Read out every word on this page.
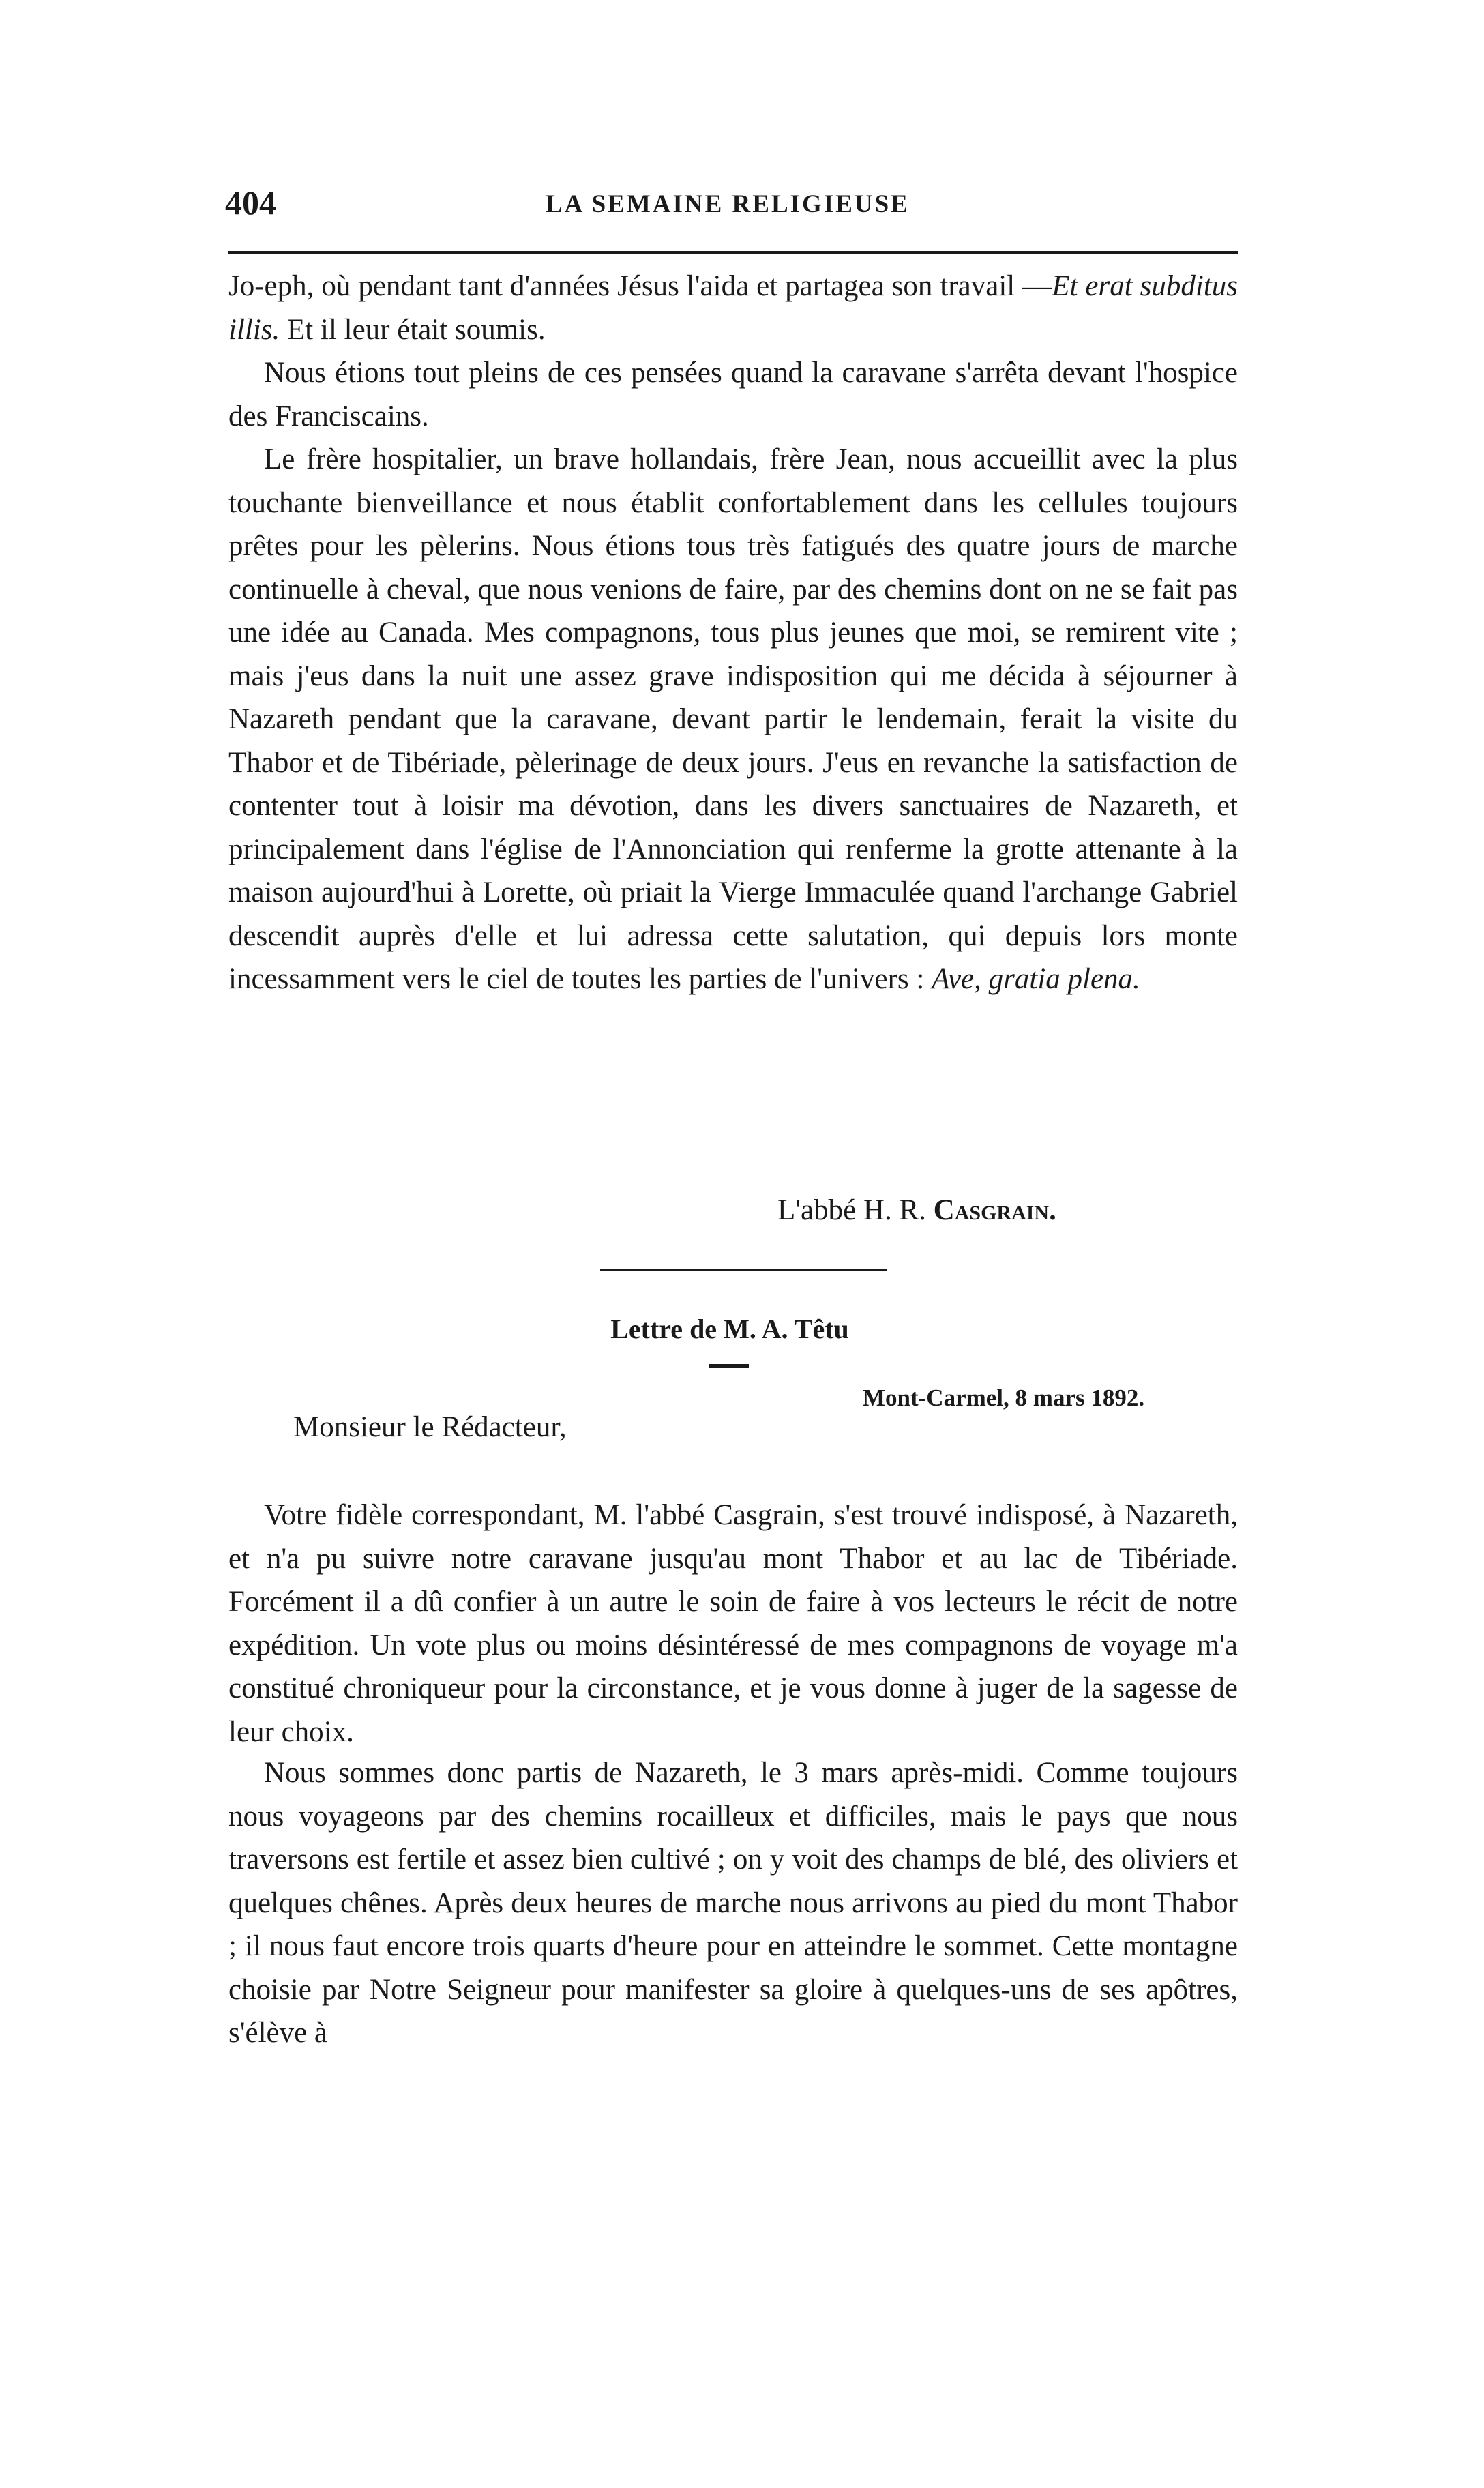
404	LA SEMAINE RELIGIEUSE

Jo-eph, où pendant tant d'années Jésus l'aida et partagea son travail —Et erat subditus illis. Et il leur était soumis.

Nous étions tout pleins de ces pensées quand la caravane s'arrêta devant l'hospice des Franciscains.

Le frère hospitalier, un brave hollandais, frère Jean, nous accueillit avec la plus touchante bienveillance et nous établit confortablement dans les cellules toujours prêtes pour les pèlerins. Nous étions tous très fatigués des quatre jours de marche continuelle à cheval, que nous venions de faire, par des chemins dont on ne se fait pas une idée au Canada. Mes compagnons, tous plus jeunes que moi, se remirent vite ; mais j'eus dans la nuit une assez grave indisposition qui me décida à séjourner à Nazareth pendant que la caravane, devant partir le lendemain, ferait la visite du Thabor et de Tibériade, pèlerinage de deux jours. J'eus en revanche la satisfaction de contenter tout à loisir ma dévotion, dans les divers sanctuaires de Nazareth, et principalement dans l'église de l'Annonciation qui renferme la grotte attenante à la maison aujourd'hui à Lorette, où priait la Vierge Immaculée quand l'archange Gabriel descendit auprès d'elle et lui adressa cette salutation, qui depuis lors monte incessamment vers le ciel de toutes les parties de l'univers : Ave, gratia plena.

L'abbé H. R. Casgrain.
Lettre de M. A. Têtu
Mont-Carmel, 8 mars 1892.

Monsieur le Rédacteur,

Votre fidèle correspondant, M. l'abbé Casgrain, s'est trouvé indisposé, à Nazareth, et n'a pu suivre notre caravane jusqu'au mont Thabor et au lac de Tibériade. Forcément il a dû confier à un autre le soin de faire à vos lecteurs le récit de notre expédition. Un vote plus ou moins désintéressé de mes compagnons de voyage m'a constitué chroniqueur pour la circonstance, et je vous donne à juger de la sagesse de leur choix.

Nous sommes donc partis de Nazareth, le 3 mars après-midi. Comme toujours nous voyageons par des chemins rocailleux et difficiles, mais le pays que nous traversons est fertile et assez bien cultivé ; on y voit des champs de blé, des oliviers et quelques chênes. Après deux heures de marche nous arrivons au pied du mont Thabor ; il nous faut encore trois quarts d'heure pour en atteindre le sommet. Cette montagne choisie par Notre Seigneur pour manifester sa gloire à quelques-uns de ses apôtres, s'élève à
